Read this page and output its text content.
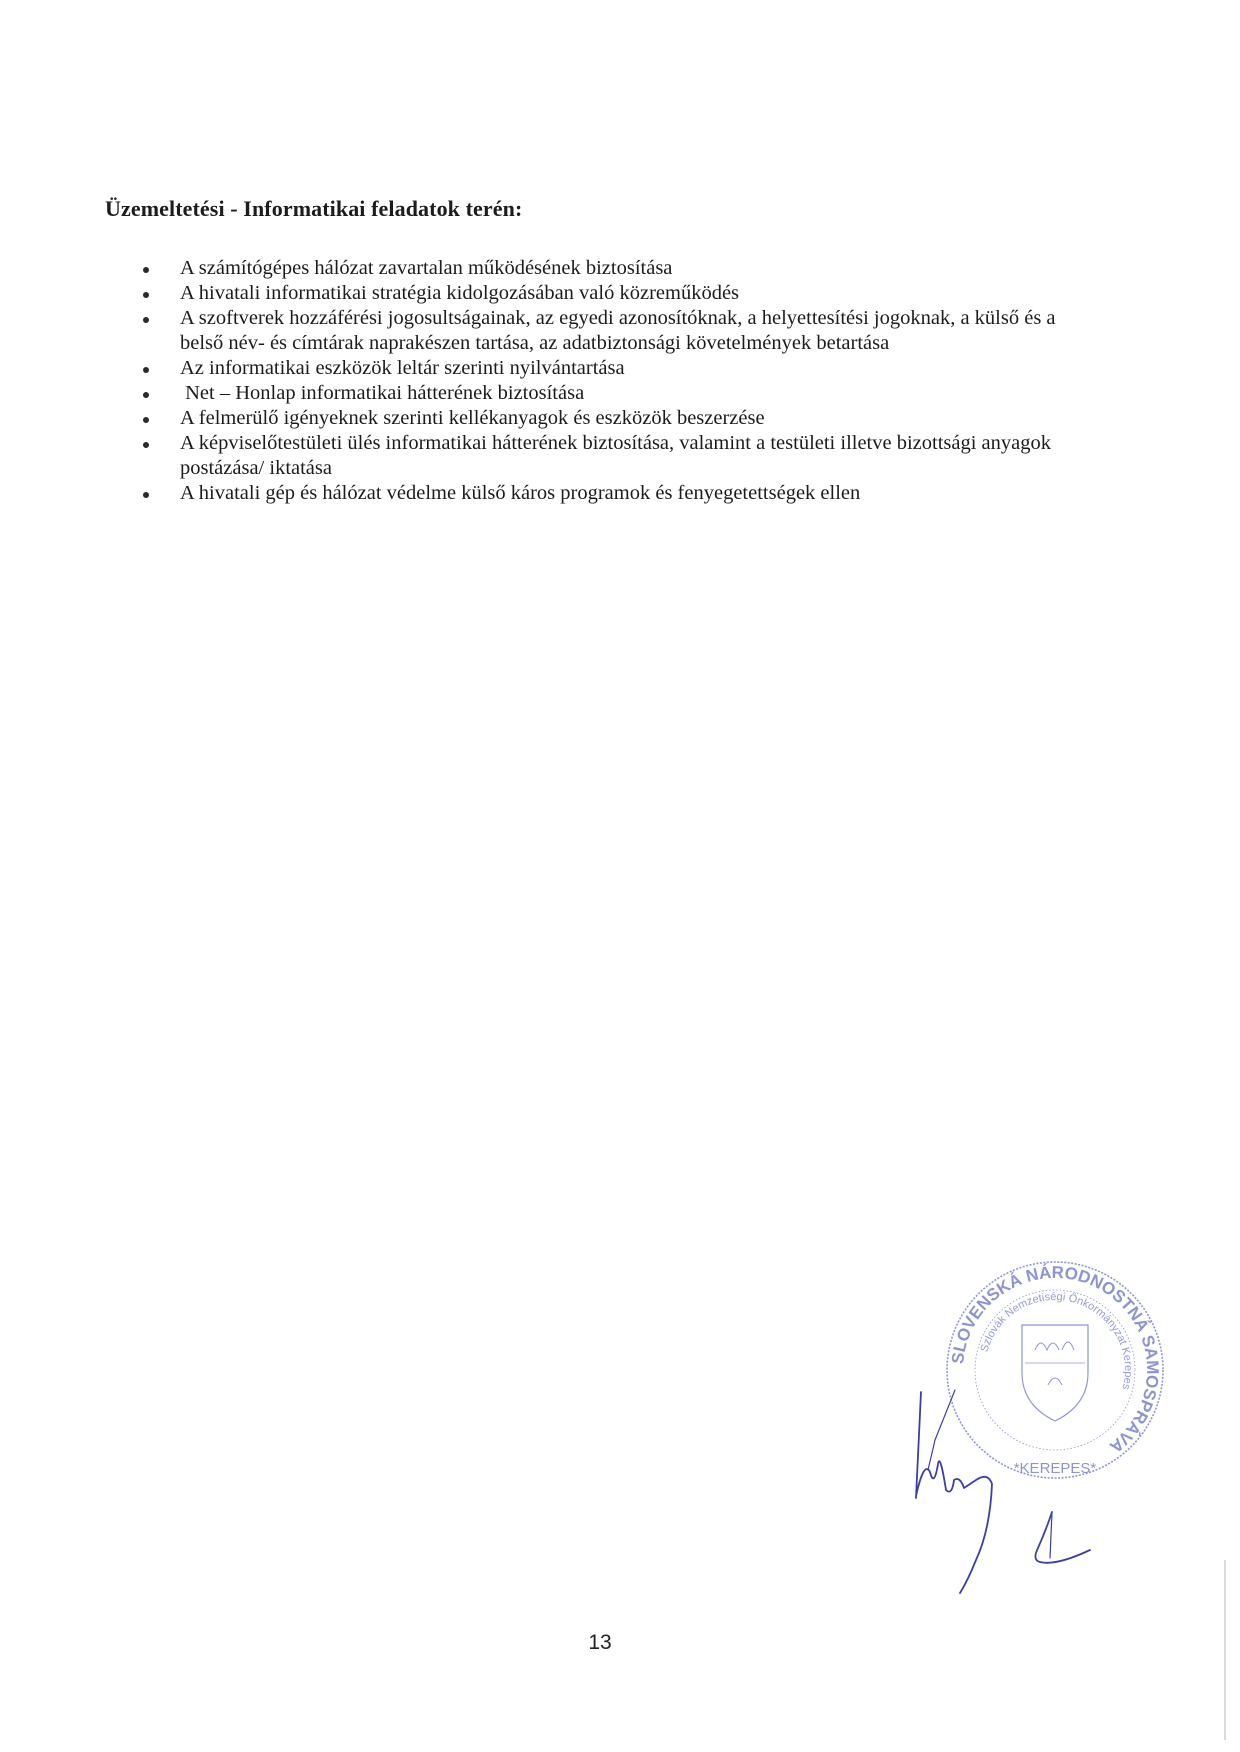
Üzemeltetési - Informatikai feladatok terén:
A számítógépes hálózat zavartalan működésének biztosítása
A hivatali informatikai stratégia kidolgozásában való közreműködés
A szoftverek hozzáférési jogosultságainak, az egyedi azonosítóknak, a helyettesítési jogoknak, a külső és a belső név- és címtárak naprakészen tartása, az adatbiztonsági követelmények betartása
Az informatikai eszközök leltár szerinti nyilvántartása
Net – Honlap informatikai hátterének biztosítása
A felmerülő igényeknek szerinti kellékanyagok és eszközök beszerzése
A képviselőtestületi ülés informatikai hátterének biztosítása, valamint a testületi illetve bizottsági anyagok postázása/ iktatása
A hivatali gép és hálózat védelme külső káros programok és fenyegetettségek ellen
SLOVENSKÁ NÁRODNOSTNÁ SAMOSPRÁVA
Szlovák Nemzetiségi Önkormányzat Kerepes
*KEREPES*
13
